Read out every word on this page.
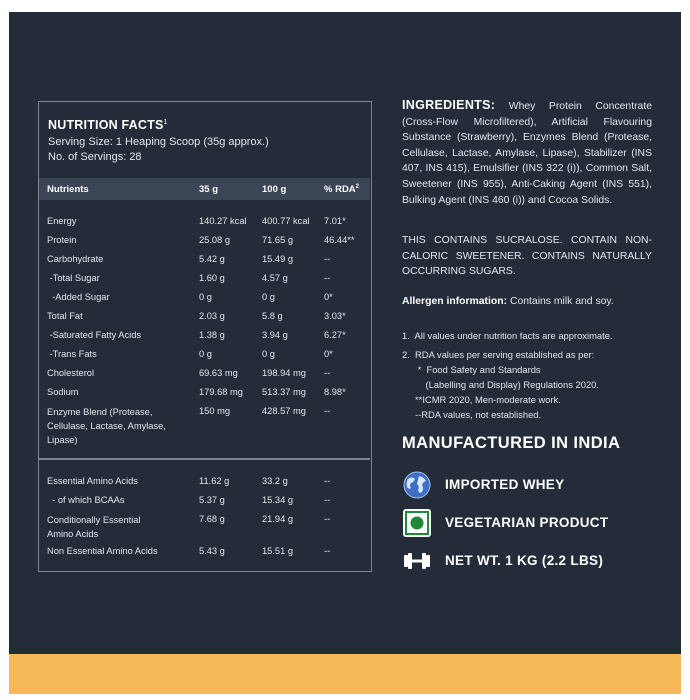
NUTRITION FACTS$^1$
Serving Size: 1 Heaping Scoop (35g approx.)
No. of Servings: 28
Nutrients	35 g	100 g	% RDA$^2$
Energy	140.27 kcal 400.77 kcal 7.01*
Protein	25.08 g	71.65 g	46.44**
Carbohydrate	5.42 g	15.49 g	--
-Total Sugar	1.60 g	4.57 g	--
-Added Sugar	0 g	0 g	0*
Total Fat	2.03 g	5.8 g	3.03*
-Saturated Fatty Acids	1.38 g	3.94 g	6.27*
-Trans Fats	0 g	0 g	0*
Cholesterol	69.63 mg	198.94 mg --
Sodium	179.68 mg 513.37 mg 8.98*
Enzyme Blend (Protease,
Cellulase, Lactase, Amylase,
Lipase)
150 mg	428.57 mg --
Essential Amino Acids	11.62 g	33.2 g	--
- of which BCAAs	5.37 g	15.34 g	--
Conditionally Essential
Amino Acids
7.68 g	21.94 g	--
Non Essential Amino Acids	5.43 g	15.51 g	--
INGREDIENTS: Whey Protein Concentrate (Cross-Flow Microfiltered), Artificial Flavouring Substance (Strawberry), Enzymes Blend (Protease, Cellulase, Lactase, Amylase, Lipase), Stabilizer (INS 407, INS 415), Emulsifier (INS 322 (i)), Common Salt, Sweetener (INS 955), Anti-Caking Agent (INS 551), Bulking Agent (INS 460 (i)) and Cocoa Solids.
THIS CONTAINS SUCRALOSE. CONTAIN NON-CALORIC SWEETENER. CONTAINS NATURALLY OCCURRING SUGARS.
Allergen information: Contains milk and soy.
1.  All values under nutrition facts are approximate.
2.  RDA values per serving established as per:
*  Food Safety and Standards
(Labelling and Display) Regulations 2020.
**ICMR 2020, Men-moderate work.
--RDA values, not established.
MANUFACTURED IN INDIA
IMPORTED WHEY
VEGETARIAN PRODUCT
NET WT. 1 KG (2.2 LBS)
